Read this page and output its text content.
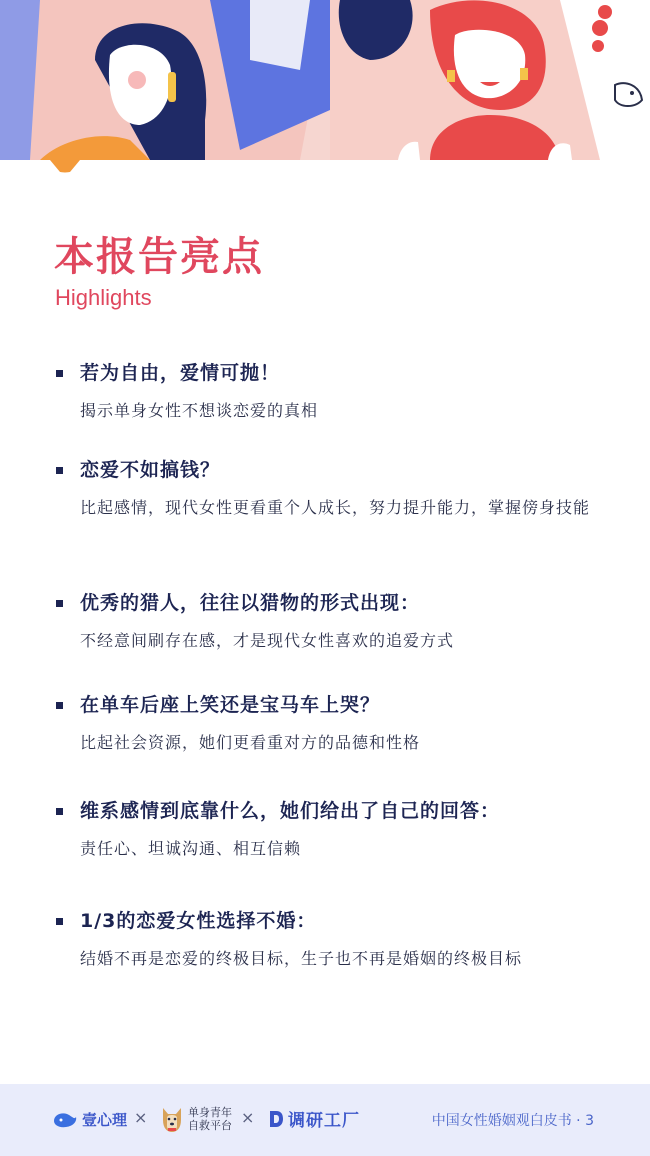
本报告亮点
Highlights
若为自由，爱情可抛！
揭示单身女性不想谈恋爱的真相
恋爱不如搞钱？
比起感情，现代女性更看重个人成长，努力提升能力，掌握傍身技能
优秀的猎人，往往以猎物的形式出现：
不经意间刷存在感，才是现代女性喜欢的追爱方式
在单车后座上笑还是宝马车上哭？
比起社会资源，她们更看重对方的品德和性格
维系感情到底靠什么，她们给出了自己的回答：
责任心、坦诚沟通、相互信赖
1/3的恋爱女性选择不婚：
结婚不再是恋爱的终极目标，生子也不再是婚姻的终极目标
壹心理 ×	单身青年
自救平台 × 调研工厂	中国女性婚姻观白皮书 · 3
